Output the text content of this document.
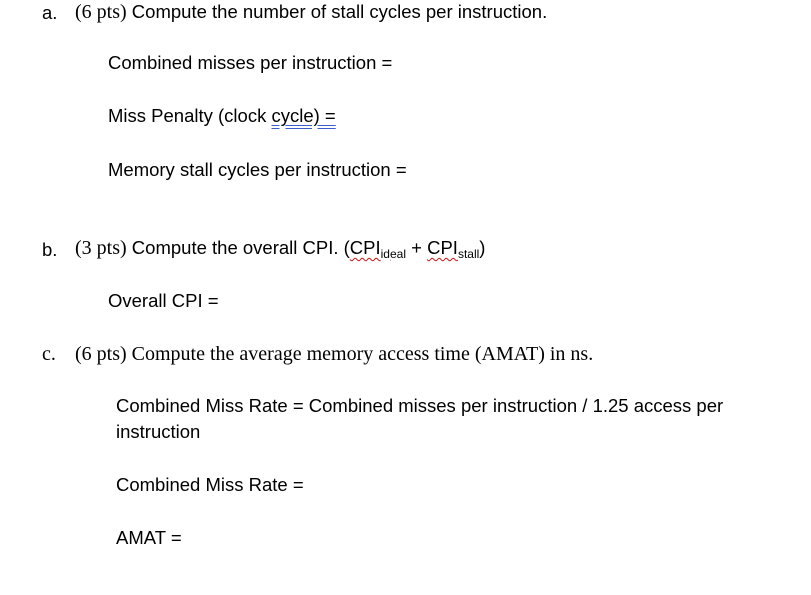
a. (6 pts) Compute the number of stall cycles per instruction.
Combined misses per instruction =
Miss Penalty (clock cycle) =
Memory stall cycles per instruction =
b. (3 pts) Compute the overall CPI. $(CPI_{ideal} + CPI_{stall})$
Overall CPI =
c. (6 pts) Compute the average memory access time (AMAT) in ns.
Combined Miss Rate = Combined misses per instruction / 1.25 access per instruction
Combined Miss Rate =
AMAT =
